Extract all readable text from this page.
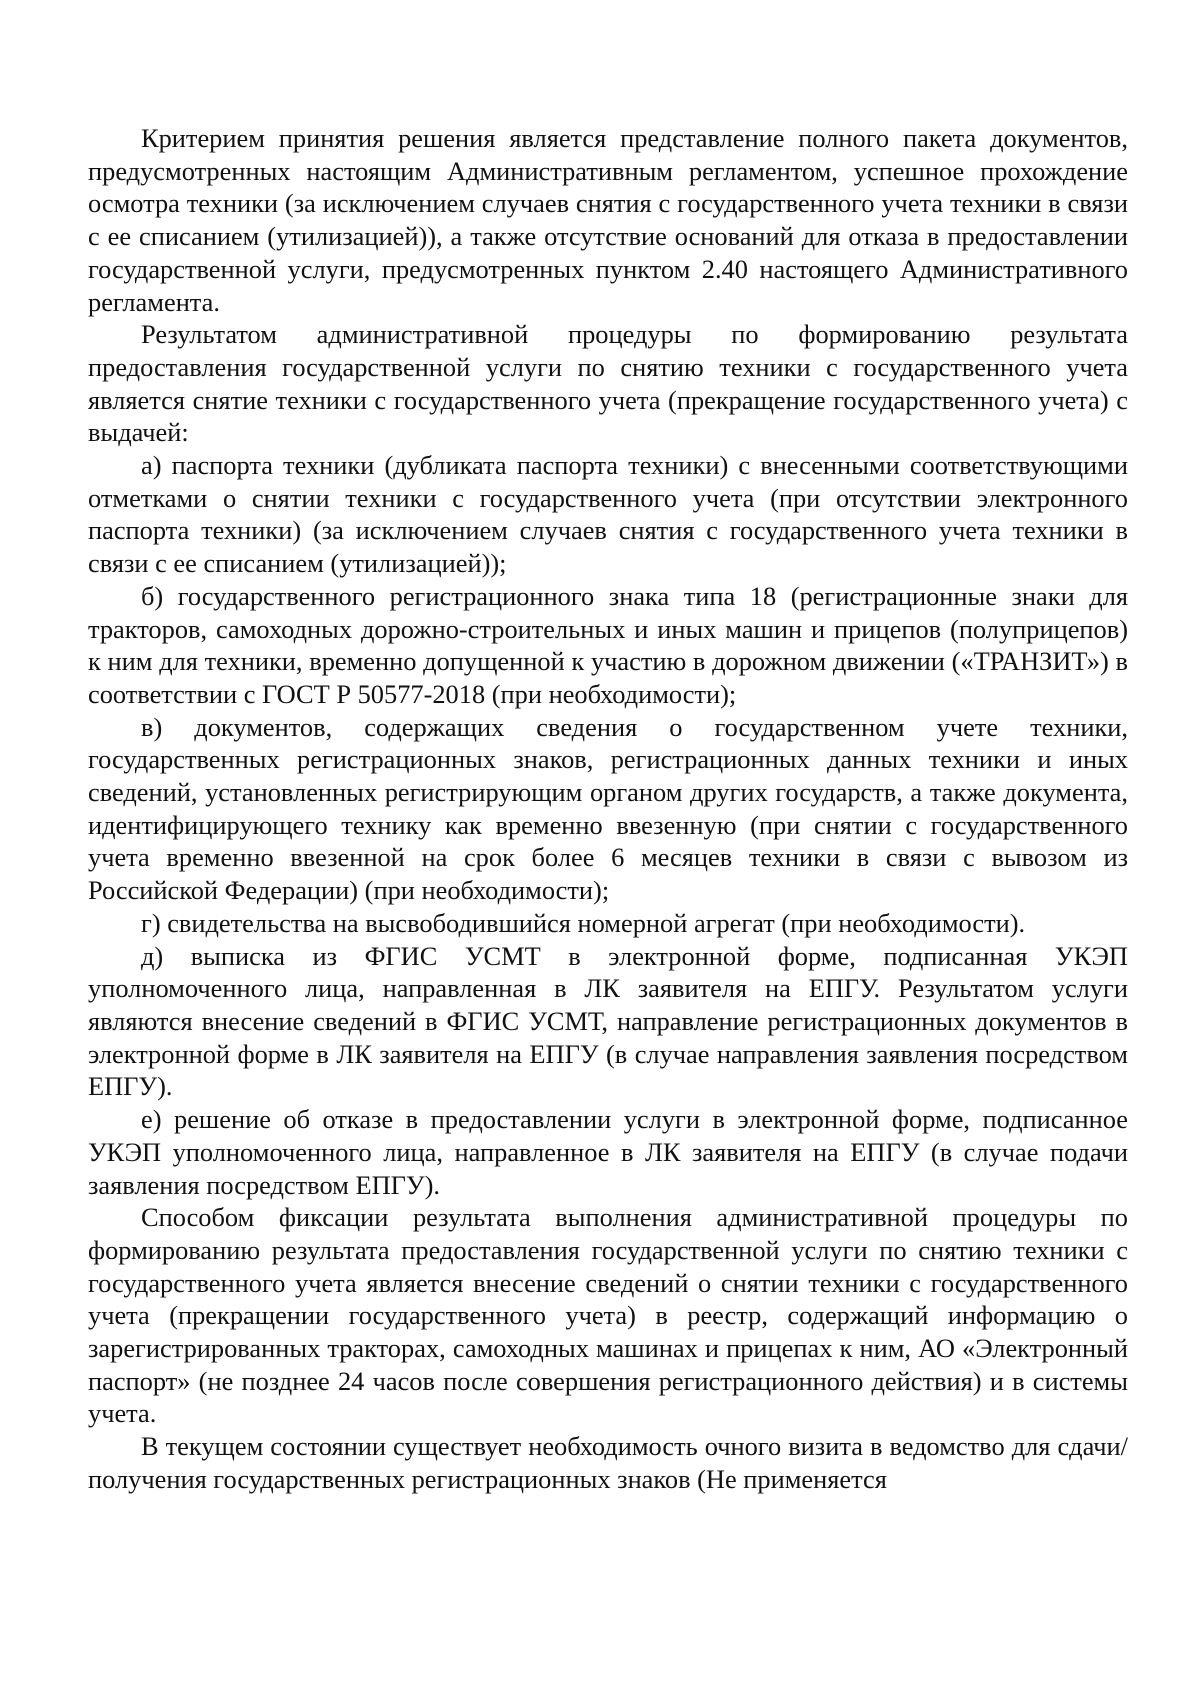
Критерием принятия решения является представление полного пакета документов, предусмотренных настоящим Административным регламентом, успешное прохождение осмотра техники (за исключением случаев снятия с государственного учета техники в связи с ее списанием (утилизацией)), а также отсутствие оснований для отказа в предоставлении государственной услуги, предусмотренных пунктом 2.40 настоящего Административного регламента.

Результатом административной процедуры по формированию результата предоставления государственной услуги по снятию техники с государственного учета является снятие техники с государственного учета (прекращение государственного учета) с выдачей:

а) паспорта техники (дубликата паспорта техники) с внесенными соответствующими отметками о снятии техники с государственного учета (при отсутствии электронного паспорта техники) (за исключением случаев снятия с государственного учета техники в связи с ее списанием (утилизацией));

б) государственного регистрационного знака типа 18 (регистрационные знаки для тракторов, самоходных дорожно-строительных и иных машин и прицепов (полуприцепов) к ним для техники, временно допущенной к участию в дорожном движении («ТРАНЗИТ») в соответствии с ГОСТ Р 50577-2018 (при необходимости);

в) документов, содержащих сведения о государственном учете техники, государственных регистрационных знаков, регистрационных данных техники и иных сведений, установленных регистрирующим органом других государств, а также документа, идентифицирующего технику как временно ввезенную (при снятии с государственного учета временно ввезенной на срок более 6 месяцев техники в связи с вывозом из Российской Федерации) (при необходимости);

г) свидетельства на высвободившийся номерной агрегат (при необходимости).

д) выписка из ФГИС УСМТ в электронной форме, подписанная УКЭП уполномоченного лица, направленная в ЛК заявителя на ЕПГУ. Результатом услуги являются внесение сведений в ФГИС УСМТ, направление регистрационных документов в электронной форме в ЛК заявителя на ЕПГУ (в случае направления заявления посредством ЕПГУ).

е) решение об отказе в предоставлении услуги в электронной форме, подписанное УКЭП уполномоченного лица, направленное в ЛК заявителя на ЕПГУ (в случае подачи заявления посредством ЕПГУ).

Способом фиксации результата выполнения административной процедуры по формированию результата предоставления государственной услуги по снятию техники с государственного учета является внесение сведений о снятии техники с государственного учета (прекращении государственного учета) в реестр, содержащий информацию о зарегистрированных тракторах, самоходных машинах и прицепах к ним, АО «Электронный паспорт» (не позднее 24 часов после совершения регистрационного действия) и в системы учета.

В текущем состоянии существует необходимость очного визита в ведомство для сдачи/получения государственных регистрационных знаков (Не применяется
